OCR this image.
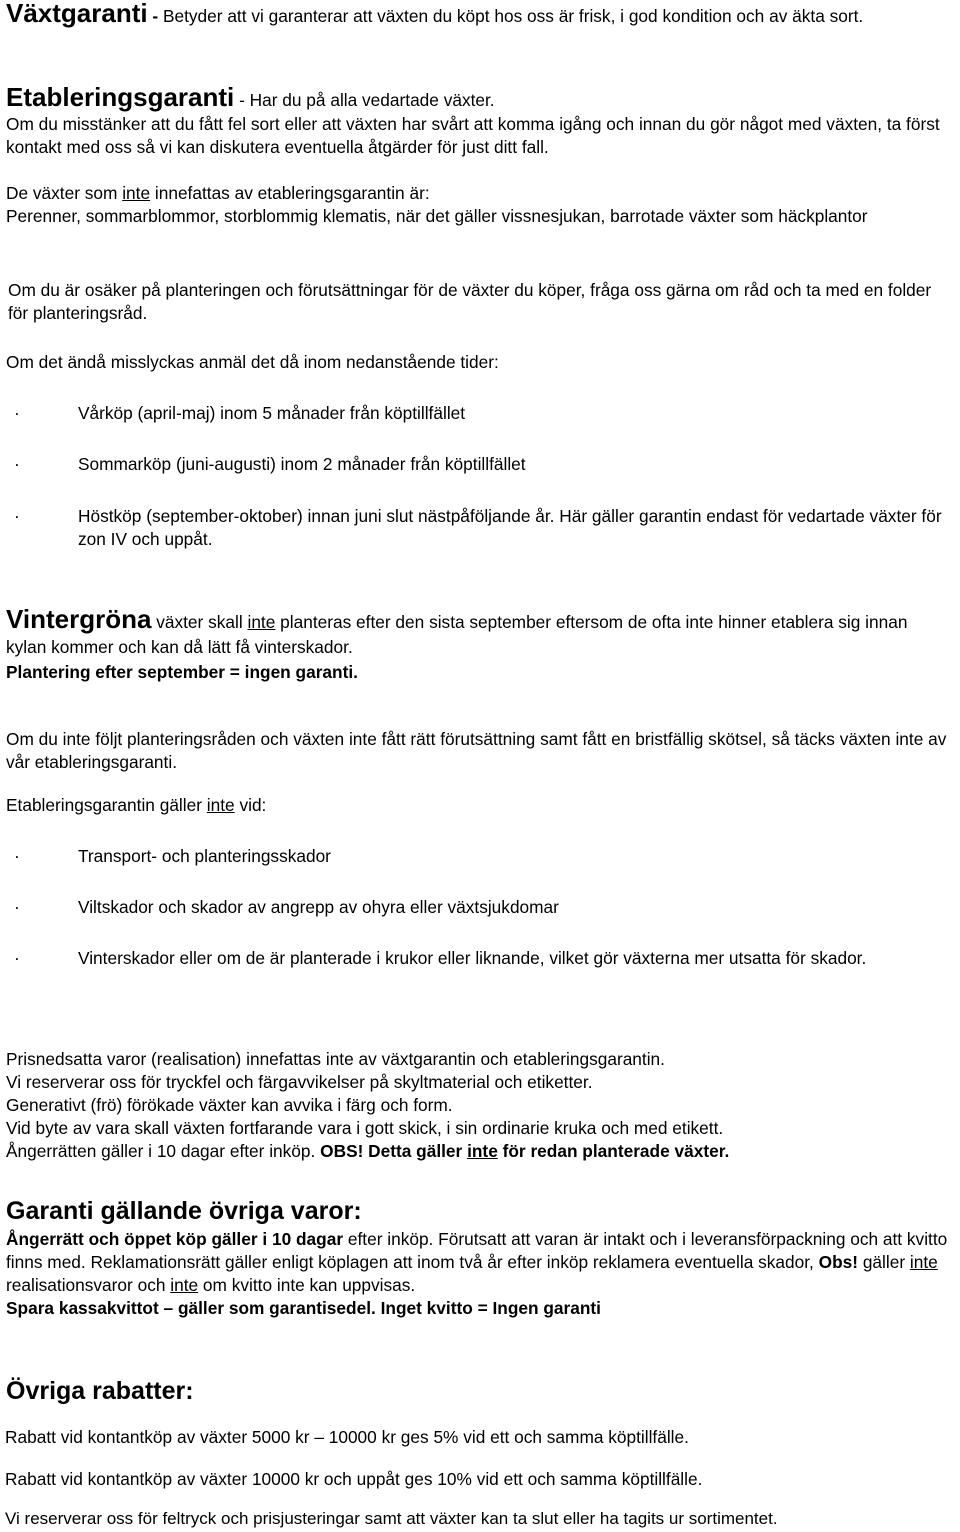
Växtgaranti - Betyder att vi garanterar att växten du köpt hos oss är frisk, i god kondition och av äkta sort.
Etableringsgaranti - Har du på alla vedartade växter.
Om du misstänker att du fått fel sort eller att växten har svårt att komma igång och innan du gör något med växten, ta först kontakt med oss så vi kan diskutera eventuella åtgärder för just ditt fall.
De växter som inte innefattas av etableringsgarantin är:
Perenner, sommarblommor, storblommig klematis, när det gäller vissnesjukan, barrotade växter som häckplantor
Om du är osäker på planteringen och förutsättningar för de växter du köper, fråga oss gärna om råd och ta med en folder för planteringsråd.
Om det ändå misslyckas anmäl det då inom nedanstående tider:
·	Vårköp (april-maj) inom 5 månader från köptillfället
·	Sommarköp (juni-augusti) inom 2 månader från köptillfället
·	Höstköp (september-oktober) innan juni slut nästpåföljande år. Här gäller garantin endast för vedartade växter för zon IV och uppåt.
Vintergröna växter skall inte planteras efter den sista september eftersom de ofta inte hinner etablera sig innan kylan kommer och kan då lätt få vinterskador.
Plantering efter september = ingen garanti.
Om du inte följt planteringsråden och växten inte fått rätt förutsättning samt fått en bristfällig skötsel, så täcks växten inte av vår etableringsgaranti.
Etableringsgarantin gäller inte vid:
·	Transport- och planteringsskador
·	Viltskador och skador av angrepp av ohyra eller växtsjukdomar
·	Vinterskador eller om de är planterade i krukor eller liknande, vilket gör växterna mer utsatta för skador.
Prisnedsatta varor (realisation) innefattas inte av växtgarantin och etableringsgarantin.
Vi reserverar oss för tryckfel och färgavvikelser på skyltmaterial och etiketter.
Generativt (frö) förökade växter kan avvika i färg och form.
Vid byte av vara skall växten fortfarande vara i gott skick, i sin ordinarie kruka och med etikett.
Ångerrätten gäller i 10 dagar efter inköp. OBS! Detta gäller inte för redan planterade växter.
Garanti gällande övriga varor:
Ångerrätt och öppet köp gäller i 10 dagar efter inköp. Förutsatt att varan är intakt och i leveransförpackning och att kvitto finns med. Reklamationsrätt gäller enligt köplagen att inom två år efter inköp reklamera eventuella skador, Obs! gäller inte realisationsvaror och inte om kvitto inte kan uppvisas.
Spara kassakvittot – gäller som garantisedel. Inget kvitto = Ingen garanti
Övriga rabatter:
Rabatt vid kontantköp av växter 5000 kr – 10000 kr ges 5% vid ett och samma köptillfälle.
Rabatt vid kontantköp av växter 10000 kr och uppåt ges 10% vid ett och samma köptillfälle.
Vi reserverar oss för feltryck och prisjusteringar samt att växter kan ta slut eller ha tagits ur sortimentet.
